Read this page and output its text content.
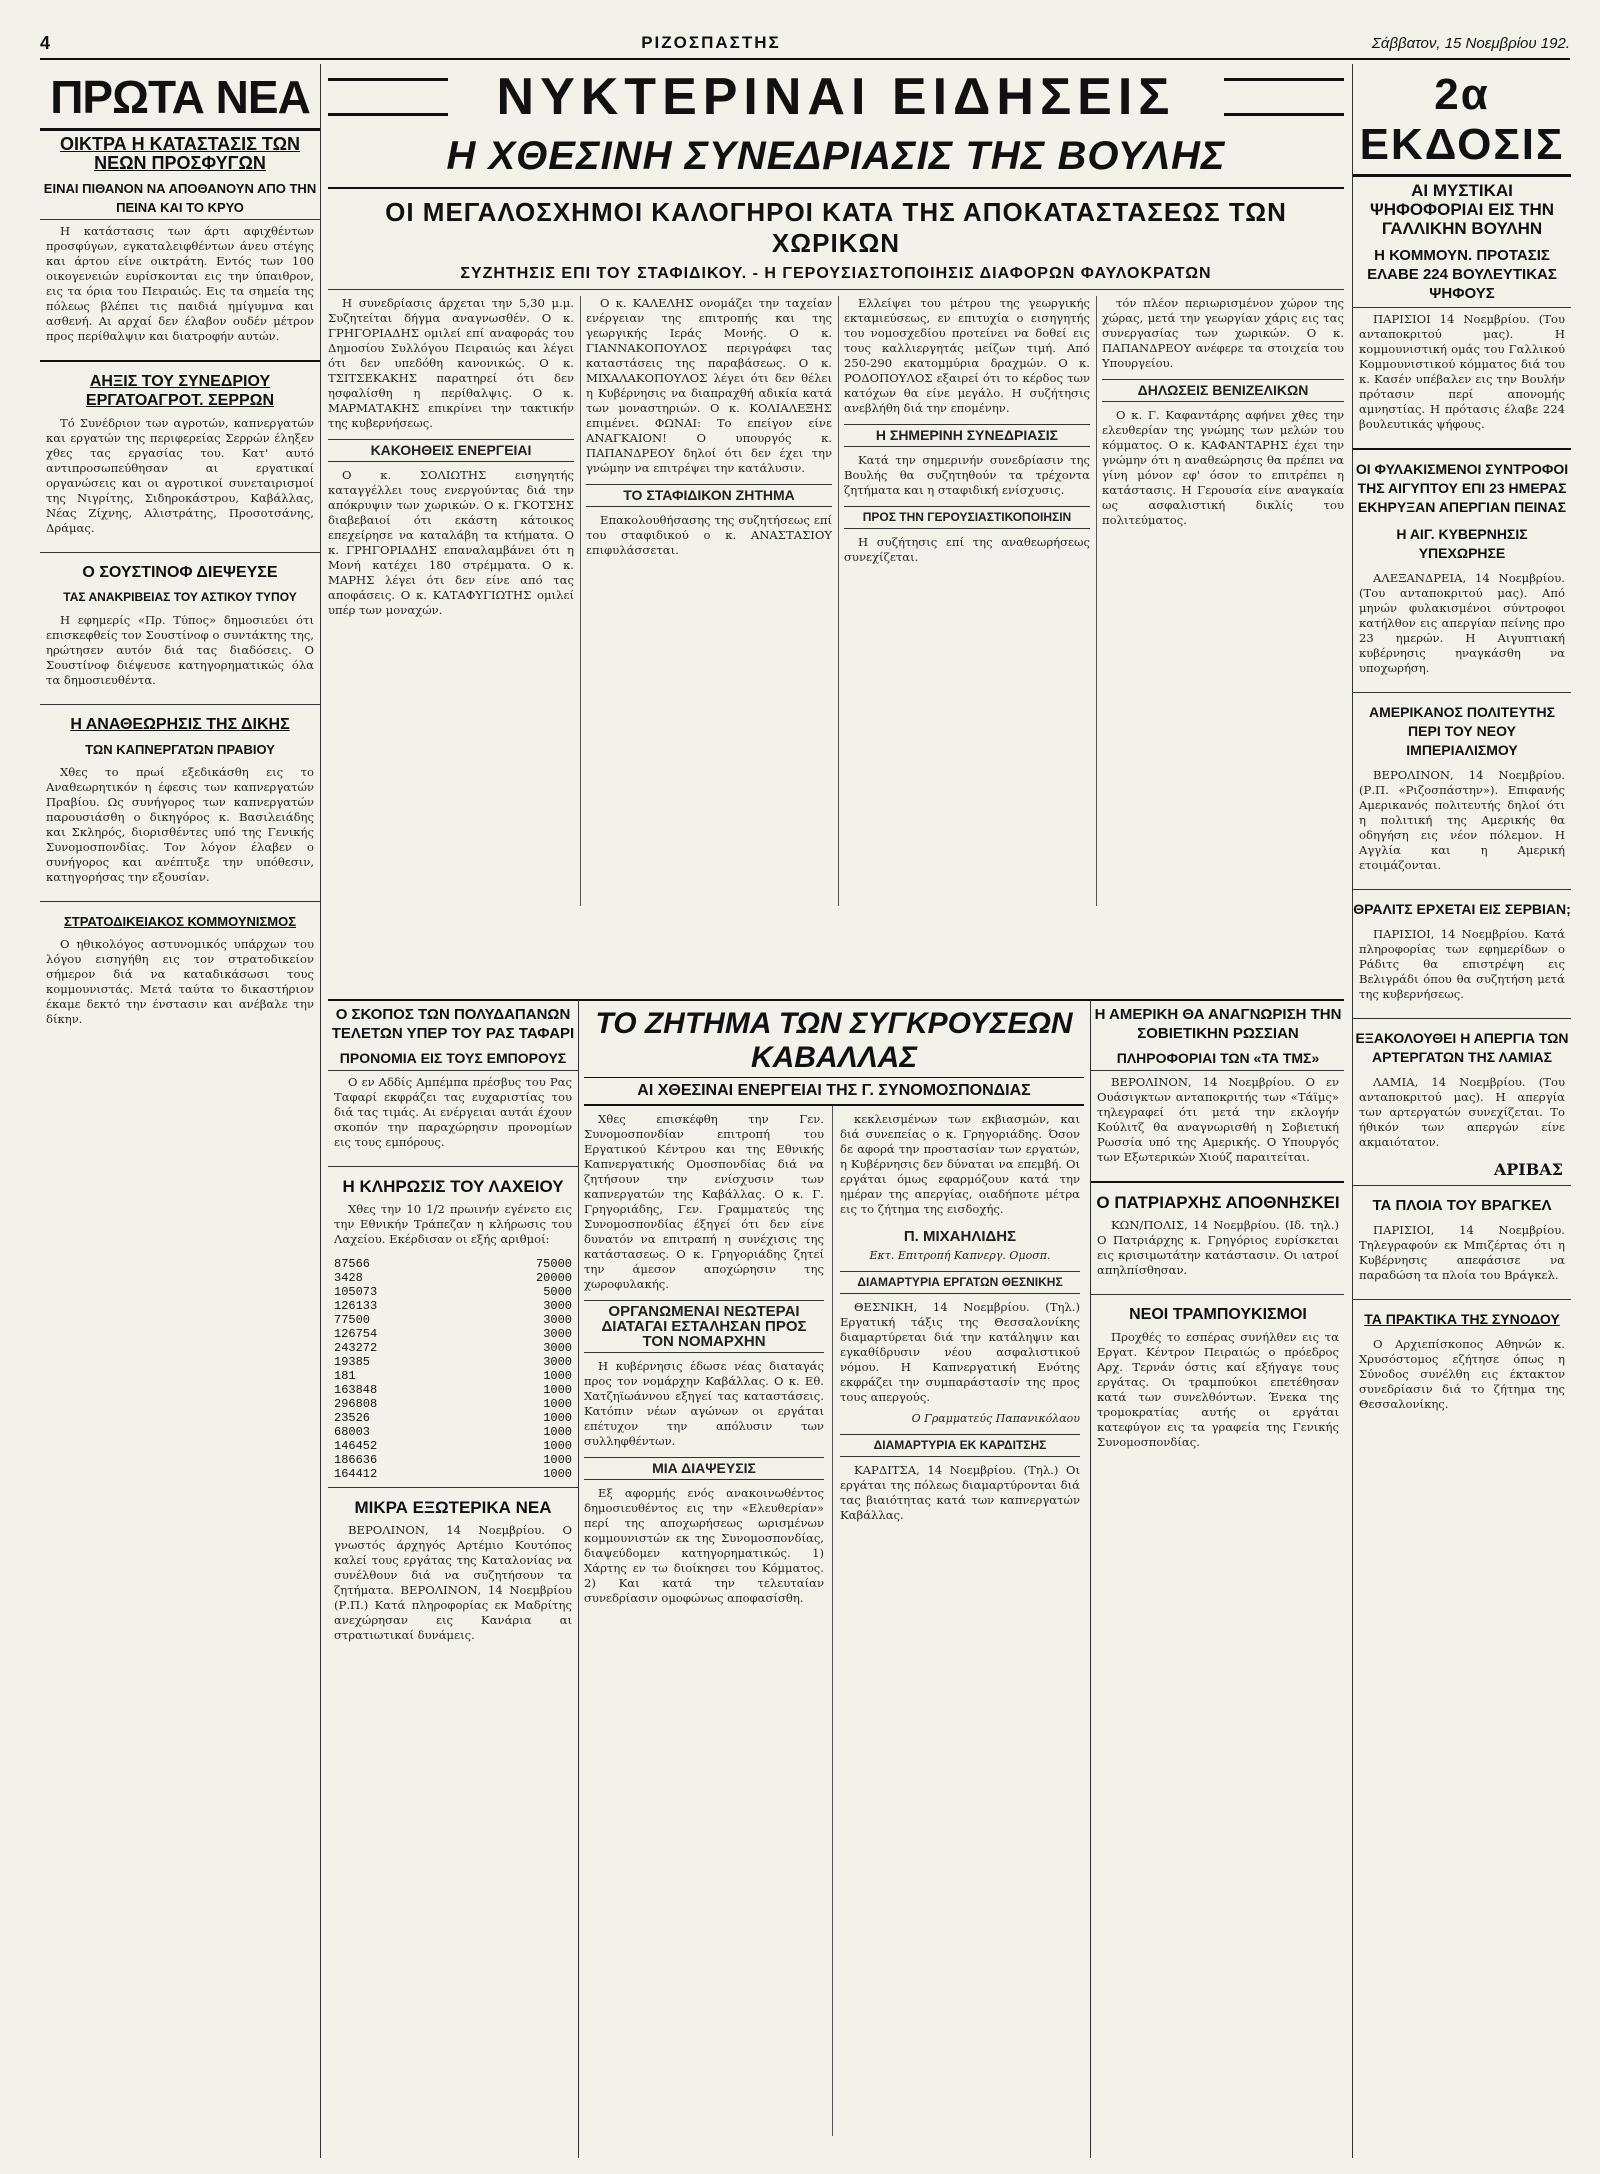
4	ΡΙΖΟΣΠΑΣΤΗΣ	Σάββατον, 15 Νοεμβρίου 192.
ΠΡΩΤΑ ΝΕΑ
ΟΙΚΤΡΑ Η ΚΑΤΑΣΤΑΣΙΣ ΤΩΝ ΝΕΩΝ ΠΡΟΣΦΥΓΩΝ
ΕΙΝΑΙ ΠΙΘΑΝΟΝ ΝΑ ΑΠΟΘΑΝΟΥΝ ΑΠΟ ΤΗΝ ΠΕΙΝΑ ΚΑΙ ΤΟ ΚΡΥΟ

Η κατάστασις των άρτι αφιχθέντων προσφύγων, εγκαταλειφθέντων άνευ στέγης και άρτου είνε οικτράτη. Εντός των 100 οικογενειών ευρίσκονται εις την ύπαιθρον, εις τα όρια του Πειραιώς. Εις τα σημεία της πόλεως βλέπει τις παιδιά ημίγυμνα και ασθενή. Αι αρχαί δεν έλαβον ουδέν μέτρον προς περίθαλψιν και διατροφήν αυτών.

ΑΗΞΙΣ ΤΟΥ ΣΥΝΕΔΡΙΟΥ ΕΡΓΑΤΟΑΓΡΟΤ. ΣΕΡΡΩΝ

Τό Συνέδριον των αγροτών, καπνεργατών και εργατών της περιφερείας Σερρών έληξεν χθες τας εργασίας του. Κατ' αυτό αντιπροσωπεύθησαν αι εργατικαί οργανώσεις και οι αγροτικοί συνεταιρισμοί της Νιγρίτης, Σιδηροκάστρου, Καβάλλας, Νέας Ζίχνης, Αλιστράτης, Προσοτσάνης, Δράμας.

Ο ΣΟΥΣΤΙΝΟΦ ΔΙΕΨΕΥΣΕ
ΤΑΣ ΑΝΑΚΡΙΒΕΙΑΣ ΤΟΥ ΑΣΤΙΚΟΥ ΤΥΠΟΥ

Η εφημερίς «Πρ. Τύπος» δημοσιεύει ότι επισκεφθείς τον Σουστίνοφ ο συντάκτης της, ηρώτησεν αυτόν διά τας διαδόσεις. Ο Σουστίνοφ διέψευσε κατηγορηματικώς όλα τα δημοσιευθέντα.

Η ΑΝΑΘΕΩΡΗΣΙΣ ΤΗΣ ΔΙΚΗΣ
ΤΩΝ ΚΑΠΝΕΡΓΑΤΩΝ ΠΡΑΒΙΟΥ

Χθες το πρωί εξεδικάσθη εις το Αναθεωρητικόν η έφεσις των καπνεργατών Πραβίου. Ως συνήγορος των καπνεργατών παρουσιάσθη ο δικηγόρος κ. Βασιλειάδης και Σκληρός, διορισθέντες υπό της Γενικής Συνομοσπονδίας. Τον λόγον έλαβεν ο συνήγορος και ανέπτυξε την υπόθεσιν, κατηγορήσας την εξουσίαν.

ΣΤΡΑΤΟΔΙΚΕΙΑΚΟΣ ΚΟΜΜΟΥΝΙΣΜΟΣ

Ο ηθικολόγος αστυνομικός υπάρχων του λόγου εισηγήθη εις τον στρατοδικείον σήμερον διά να καταδικάσωσι τους κομμουνιστάς. Μετά ταύτα το δικαστήριον έκαμε δεκτό την ένστασιν και ανέβαλε την δίκην.

ΝΥΚΤΕΡΙΝΑΙ ΕΙΔΗΣΕΙΣ
Η ΧΘΕΣΙΝΗ ΣΥΝΕΔΡΙΑΣΙΣ ΤΗΣ ΒΟΥΛΗΣ
ΟΙ ΜΕΓΑΛΟΣΧΗΜΟΙ ΚΑΛΟΓΗΡΟΙ ΚΑΤΑ ΤΗΣ ΑΠΟΚΑΤΑΣΤΑΣΕΩΣ ΤΩΝ ΧΩΡΙΚΩΝ
ΣΥΖΗΤΗΣΙΣ ΕΠΙ ΤΟΥ ΣΤΑΦΙΔΙΚΟΥ. - Η ΓΕΡΟΥΣΙΑΣΤΟΠΟΙΗΣΙΣ ΔΙΑΦΟΡΩΝ ΦΑΥΛΟΚΡΑΤΩΝ

Η συνεδρίασις άρχεται την 5,30 μ.μ. Συζητείται δήγμα αναγνωσθέν. Ο κ. ΓΡΗΓΟΡΙΑΔΗΣ ομιλεί επί αναφοράς του Δημοσίου Συλλόγου Πειραιώς και λέγει ότι δεν υπεδόθη κανονικώς. Ο κ. ΤΣΙΤΣΕΚΑΚΗΣ παρατηρεί ότι δεν ησφαλίσθη η περίθαλψις. Ο κ. ΜΑΡΜΑΤΑΚΗΣ επικρίνει την τακτικήν της κυβερνήσεως.

ΚΑΚΟΗΘΕΙΣ ΕΝΕΡΓΕΙΑΙ

Ο κ. ΣΟΛΙΩΤΗΣ εισηγητής καταγγέλλει τους ενεργούντας διά την απόκρυψιν των χωρικών. Ο κ. ΓΚΟΤΣΗΣ διαβεβαιοί ότι εκάστη κάτοικος επεχείρησε να καταλάβη τα κτήματα. Ο κ. ΓΡΗΓΟΡΙΑΔΗΣ επαναλαμβάνει ότι η Μονή κατέχει 180 στρέμματα. Ο κ. ΜΑΡΗΣ λέγει ότι δεν είνε από τας αποφάσεις. Ο κ. ΚΑΤΑΦΥΓΙΩΤΗΣ ομιλεί υπέρ των μοναχών.

Ο κ. ΚΑΛΕΛΗΣ ονομάζει την ταχείαν ενέργειαν της επιτροπής και της γεωργικής Ιεράς Μονής. Ο κ. ΓΙΑΝΝΑΚΟΠΟΥΛΟΣ περιγράφει τας καταστάσεις της παραβάσεως. Ο κ. ΜΙΧΑΛΑΚΟΠΟΥΛΟΣ λέγει ότι δεν θέλει η Κυβέρνησις να διαπραχθή αδικία κατά των μοναστηριών. Ο κ. ΚΟΛΙΑΛΕΞΗΣ επιμένει. ΦΩΝΑΙ: Το επείγον είνε ΑΝΑΓΚΑΙΟΝ! Ο υπουργός κ. ΠΑΠΑΝΔΡΕΟΥ δηλοί ότι δεν έχει την γνώμην να επιτρέψει την κατάλυσιν.

ΤΟ ΣΤΑΦΙΔΙΚΟΝ ΖΗΤΗΜΑ

Επακολουθήσασης της συζητήσεως επί του σταφιδικού ο κ. ΑΝΑΣΤΑΣΙΟΥ επιφυλάσσεται.

Ελλείψει του μέτρου της γεωργικής εκταμιεύσεως, εν επιτυχία ο εισηγητής του νομοσχεδίου προτείνει να δοθεί εις τους καλλιεργητάς μείζων τιμή. Από 250-290 εκατομμύρια δραχμών. Ο κ. ΡΟΔΟΠΟΥΛΟΣ εξαιρεί ότι το κέρδος των κατόχων θα είνε μεγάλο. Η συζήτησις ανεβλήθη διά την επομένην.

Η ΣΗΜΕΡΙΝΗ ΣΥΝΕΔΡΙΑΣΙΣ

Κατά την σημερινήν συνεδρίασιν της Βουλής θα συζητηθούν τα τρέχοντα ζητήματα και η σταφιδική ενίσχυσις.

ΠΡΟΣ ΤΗΝ ΓΕΡΟΥΣΙΑΣΤΙΚΟΠΟΙΗΣΙΝ

Η συζήτησις επί της αναθεωρήσεως συνεχίζεται.

τόν πλέον περιωρισμένον χώρον της χώρας, μετά την γεωργίαν χάρις εις τας συνεργασίας των χωρικών. Ο κ. ΠΑΠΑΝΔΡΕΟΥ ανέφερε τα στοιχεία του Υπουργείου.

ΔΗΛΩΣΕΙΣ ΒΕΝΙΖΕΛΙΚΩΝ

Ο κ. Γ. Καφαντάρης αφήνει χθες την ελευθερίαν της γνώμης των μελών του κόμματος. Ο κ. ΚΑΦΑΝΤΑΡΗΣ έχει την γνώμην ότι η αναθεώρησις θα πρέπει να γίνη μόνον εφ' όσον το επιτρέπει η κατάστασις. Η Γερουσία είνε αναγκαία ως ασφαλιστική δικλίς του πολιτεύματος.

Ο ΣΚΟΠΟΣ ΤΩΝ ΠΟΛΥΔΑΠΑΝΩΝ ΤΕΛΕΤΩΝ ΥΠΕΡ ΤΟΥ ΡΑΣ ΤΑΦΑΡΙ
ΠΡΟΝΟΜΙΑ ΕΙΣ ΤΟΥΣ ΕΜΠΟΡΟΥΣ

Ο εν Αδδίς Αμπέμπα πρέσβυς του Ρας Ταφαρί εκφράζει τας ευχαριστίας του διά τας τιμάς. Αι ενέργειαι αυτάι έχουν σκοπόν την παραχώρησιν προνομίων εις τους εμπόρους.

Η ΚΛΗΡΩΣΙΣ ΤΟΥ ΛΑΧΕΙΟΥ

Χθες την 10 1/2 πρωινήν εγένετο εις την Εθνικήν Τράπεζαν η κλήρωσις του Λαχείου. Εκέρδισαν οι εξής αριθμοί:

87566	75000
3428	20000
105073	5000
126133	3000
77500	3000
126754	3000
243272	3000
19385	3000
181	1000
163848	1000
296808	1000
23526	1000
68003	1000
146452	1000
186636	1000
164412	1000
ΜΙΚΡΑ ΕΞΩΤΕΡΙΚΑ ΝΕΑ

ΒΕΡΟΛΙΝΟΝ, 14 Νοεμβρίου. Ο γνωστός άρχηγός Αρτέμιο Κουτόπος καλεί τους εργάτας της Καταλονίας να συνέλθουν διά να συζητήσουν τα ζητήματα. ΒΕΡΟΛΙΝΟΝ, 14 Νοεμβρίου (Ρ.Π.) Κατά πληροφορίας εκ Μαδρίτης ανεχώρησαν εις Κανάρια αι στρατιωτικαί δυνάμεις.

ΤΟ ΖΗΤΗΜΑ ΤΩΝ ΣΥΓΚΡΟΥΣΕΩΝ ΚΑΒΑΛΛΑΣ
ΑΙ ΧΘΕΣΙΝΑΙ ΕΝΕΡΓΕΙΑΙ ΤΗΣ Γ. ΣΥΝΟΜΟΣΠΟΝΔΙΑΣ

Χθες επισκέφθη την Γεν. Συνομοσπονδίαν επιτροπή του Εργατικού Κέντρου και της Εθνικής Καπνεργατικής Ομοσπονδίας διά να ζητήσουν την ενίσχυσιν των καπνεργατών της Καβάλλας. Ο κ. Γ. Γρηγοριάδης, Γεν. Γραμματεύς της Συνομοσπονδίας έξηγεί ότι δεν είνε δυνατόν να επιτραπή η συνέχισις της κατάστασεως. Ο κ. Γρηγοριάδης ζητεί την άμεσον αποχώρησιν της χωροφυλακής.

ΟΡΓΑΝΩΜΕΝΑΙ ΝΕΩΤΕΡΑΙ ΔΙΑΤΑΓΑΙ ΕΣΤΑΛΗΣΑΝ ΠΡΟΣ ΤΟΝ ΝΟΜΑΡΧΗΝ

Η κυβέρνησις έδωσε νέας διαταγάς προς τον νομάρχην Καβάλλας. Ο κ. Εθ. Χατζηϊωάννου εξηγεί τας καταστάσεις. Κατόπιν νέων αγώνων οι εργάται επέτυχον την απόλυσιν των συλληφθέντων.

ΜΙΑ ΔΙΑΨΕΥΣΙΣ

Εξ αφορμής ενός ανακοινωθέντος δημοσιευθέντος εις την «Ελευθερίαν» περί της αποχωρήσεως ωρισμένων κομμουνιστών εκ της Συνομοσπονδίας, διαψεύδομεν κατηγορηματικώς. 1) Χάρτης εν τω διοίκησει του Κόμματος. 2) Και κατά την τελευταίαν συνεδρίασιν ομοφώνως αποφασίσθη.

κεκλεισμένων των εκβιασμών, και διά συνεπείας ο κ. Γρηγοριάδης. Όσον δε αφορά την προστασίαν των εργατών, η Κυβέρνησις δεν δύναται να επεμβή. Οι εργάται όμως εφαρμόζουν κατά την ημέραν της απεργίας, οιαδήποτε μέτρα εις το ζήτημα της εισδοχής.

Π. ΜΙΧΑΗΛΙΔΗΣ
Εκτ. Επιτροπή Καπνεργ. Ομοσπ.
ΔΙΑΜΑΡΤΥΡΙΑ ΕΡΓΑΤΩΝ ΘΕΣΝΙΚΗΣ

ΘΕΣΝΙΚΗ, 14 Νοεμβρίου. (Τηλ.) Εργατική τάξις της Θεσσαλονίκης διαμαρτύρεται διά την κατάληψιν και εγκαθίδρυσιν νέου ασφαλιστικού νόμου. Η Καπνεργατική Ενότης εκφράζει την συμπαράστασίν της προς τους απεργούς.

Ο Γραμματεύς Παπανικόλαου
ΔΙΑΜΑΡΤΥΡΙΑ ΕΚ ΚΑΡΔΙΤΣΗΣ

ΚΑΡΔΙΤΣΑ, 14 Νοεμβρίου. (Τηλ.) Οι εργάται της πόλεως διαμαρτύρονται διά τας βιαιότητας κατά των καπνεργατών Καβάλλας.

Η ΑΜΕΡΙΚΗ ΘΑ ΑΝΑΓΝΩΡΙΣΗ ΤΗΝ ΣΟΒΙΕΤΙΚΗΝ ΡΩΣΣΙΑΝ
ΠΛΗΡΟΦΟΡΙΑΙ ΤΩΝ «ΤΑ ΤΜΣ»

ΒΕΡΟΛΙΝΟΝ, 14 Νοεμβρίου. Ο εν Ουάσιγκτων ανταποκριτής των «Τάϊμς» τηλεγραφεί ότι μετά την εκλογήν Κούλιτζ θα αναγνωρισθή η Σοβιετική Ρωσσία υπό της Αμερικής. Ο Υπουργός των Εξωτερικών Χιούζ παραιτείται.

Ο ΠΑΤΡΙΑΡΧΗΣ ΑΠΟΘΝΗΣΚΕΙ

ΚΩΝ/ΠΟΛΙΣ, 14 Νοεμβρίου. (Ιδ. τηλ.) Ο Πατριάρχης κ. Γρηγόριος ευρίσκεται εις κρισιμωτάτην κατάστασιν. Οι ιατροί απηλπίσθησαν.

ΝΕΟΙ ΤΡΑΜΠΟΥΚΙΣΜΟΙ

Προχθές το εσπέρας συνήλθεν εις τα Εργατ. Κέντρον Πειραιώς ο πρόεδρος Αρχ. Τερνάν όστις καί εξήγαγε τους εργάτας. Οι τραμπούκοι επετέθησαν κατά των συνελθόντων. Ένεκα της τρομοκρατίας αυτής οι εργάται κατεφύγον εις τα γραφεία της Γενικής Συνομοσπονδίας.

2α ΕΚΔΟΣΙΣ
ΑΙ ΜΥΣΤΙΚΑΙ ΨΗΦΟΦΟΡΙΑΙ ΕΙΣ ΤΗΝ ΓΑΛΛΙΚΗΝ ΒΟΥΛΗΝ
Η ΚΟΜΜΟΥΝ. ΠΡΟΤΑΣΙΣ ΕΛΑΒΕ 224 ΒΟΥΛΕΥΤΙΚΑΣ ΨΗΦΟΥΣ

ΠΑΡΙΣΙΟΙ 14 Νοεμβρίου. (Του ανταποκριτού μας). Η κομμουνιστική ομάς του Γαλλικού Κομμουνιστικού κόμματος διά του κ. Κασέν υπέβαλεν εις την Βουλήν πρότασιν περί απονομής αμνηστίας. Η πρότασις έλαβε 224 βουλευτικάς ψήφους.

ΟΙ ΦΥΛΑΚΙΣΜΕΝΟΙ ΣΥΝΤΡΟΦΟΙ ΤΗΣ ΑΙΓΥΠΤΟΥ ΕΠΙ 23 ΗΜΕΡΑΣ ΕΚΗΡΥΞΑΝ ΑΠΕΡΓΙΑΝ ΠΕΙΝΑΣ
Η ΑΙΓ. ΚΥΒΕΡΝΗΣΙΣ ΥΠΕΧΩΡΗΣΕ

ΑΛΕΞΑΝΔΡΕΙΑ, 14 Νοεμβρίου. (Του ανταποκριτού μας). Από μηνών φυλακισμένοι σύντροφοι κατήλθον εις απεργίαν πείνης προ 23 ημερών. Η Αιγυπτιακή κυβέρνησις ηναγκάσθη να υποχωρήση.

ΑΜΕΡΙΚΑΝΟΣ ΠΟΛΙΤΕΥΤΗΣ ΠΕΡΙ ΤΟΥ ΝΕΟΥ ΙΜΠΕΡΙΑΛΙΣΜΟΥ

ΒΕΡΟΛΙΝΟΝ, 14 Νοεμβρίου. (Ρ.Π. «Ριζοσπάστην»). Επιφανής Αμερικανός πολιτευτής δηλοί ότι η πολιτική της Αμερικής θα οδηγήση εις νέον πόλεμον. Η Αγγλία και η Αμερική ετοιμάζονται.

ΘΡΑΛΙΤΣ ΕΡΧΕΤΑΙ ΕΙΣ ΣΕΡΒΙΑΝ;

ΠΑΡΙΣΙΟΙ, 14 Νοεμβρίου. Κατά πληροφορίας των εφημερίδων ο Ράδιτς θα επιστρέψη εις Βελιγράδι όπου θα συζητήση μετά της κυβερνήσεως.

ΕΞΑΚΟΛΟΥΘΕΙ Η ΑΠΕΡΓΙΑ ΤΩΝ ΑΡΤΕΡΓΑΤΩΝ ΤΗΣ ΛΑΜΙΑΣ

ΛΑΜΙΑ, 14 Νοεμβρίου. (Του ανταποκριτού μας). Η απεργία των αρτεργατών συνεχίζεται. Το ήθικόν των απεργών είνε ακμαιότατον.

ΑΡΙΒΑΣ
ΤΑ ΠΛΟΙΑ ΤΟΥ ΒΡΑΓΚΕΛ

ΠΑΡΙΣΙΟΙ, 14 Νοεμβρίου. Τηλεγραφούν εκ Μπιζέρτας ότι η Κυβέρνησις απεφάσισε να παραδώση τα πλοία του Βράγκελ.

ΤΑ ΠΡΑΚΤΙΚΑ ΤΗΣ ΣΥΝΟΔΟΥ

Ο Αρχιεπίσκοπος Αθηνών κ. Χρυσόστομος εζήτησε όπως η Σύνοδος συνέλθη εις έκτακτον συνεδρίασιν διά το ζήτημα της Θεσσαλονίκης.
